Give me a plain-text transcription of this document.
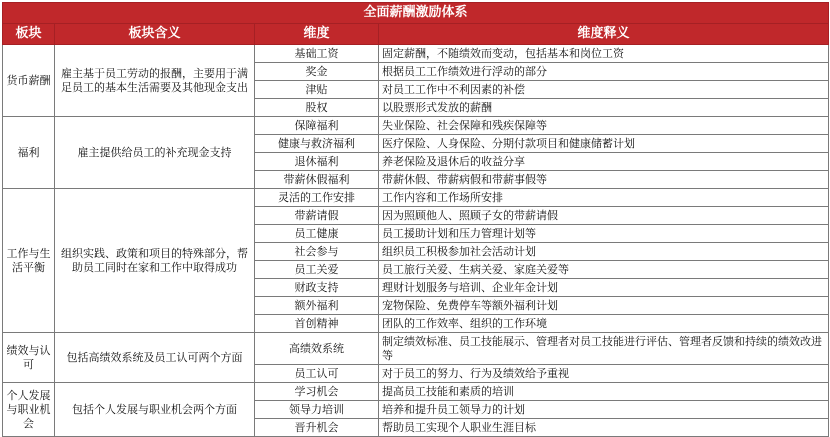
全面薪酬激励体系			
板块	板块含义	维度	维度释义
货币薪酬	雇主基于员工劳动的报酬，主要用于满足员工的基本生活需要及其他现金支出	基础工资	固定薪酬，不随绩效而变动，包括基本和岗位工资
		奖金	根据员工工作绩效进行浮动的部分
		津贴	对员工工作中不利因素的补偿
		股权	以股票形式发放的薪酬
福利	雇主提供给员工的补充现金支持	保障福利	失业保险、社会保障和残疾保障等
		健康与救济福利	医疗保险、人身保险、分期付款项目和健康储蓄计划
		退休福利	养老保险及退休后的收益分享
		带薪休假福利	带薪休假、带薪病假和带薪事假等
工作与生活平衡	组织实践、政策和项目的特殊部分，帮助员工同时在家和工作中取得成功	灵活的工作安排	工作内容和工作场所安排
		带薪请假	因为照顾他人、照顾子女的带薪请假
		员工健康	员工援助计划和压力管理计划等
		社会参与	组织员工积极参加社会活动计划
		员工关爱	员工旅行关爱、生病关爱、家庭关爱等
		财政支持	理财计划服务与培训、企业年金计划
		额外福利	宠物保险、免费停车等额外福利计划
		首创精神	团队的工作效率、组织的工作环境
绩效与认可	包括高绩效系统及员工认可两个方面	高绩效系统	制定绩效标准、员工技能展示、管理者对员工技能进行评估、管理者反馈和持续的绩效改进等
		员工认可	对于员工的努力、行为及绩效给予重视
个人发展与职业机会	包括个人发展与职业机会两个方面	学习机会	提高员工技能和素质的培训
		领导力培训	培养和提升员工领导力的计划
		晋升机会	帮助员工实现个人职业生涯目标
